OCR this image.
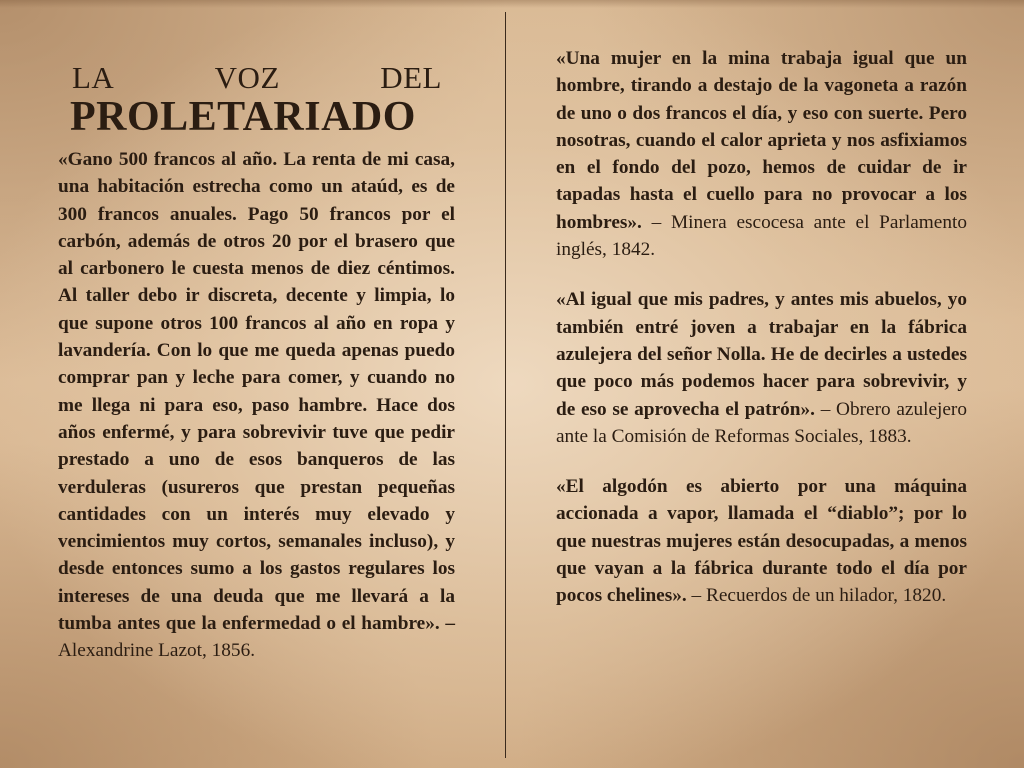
LA	VOZ	DEL
PROLETARIADO

«Gano 500 francos al año. La renta de mi casa, una habitación estrecha como un ataúd, es de 300 francos anuales. Pago 50 francos por el carbón, además de otros 20 por el brasero que al carbonero le cuesta menos de diez céntimos. Al taller debo ir discreta, decente y limpia, lo que supone otros 100 francos al año en ropa y lavandería. Con lo que me queda apenas puedo comprar pan y leche para comer, y cuando no me llega ni para eso, paso hambre. Hace dos años enfermé, y para sobrevivir tuve que pedir prestado a uno de esos banqueros de las verduleras (usureros que prestan pequeñas cantidades con un interés muy elevado y vencimientos muy cortos, semanales incluso), y desde entonces sumo a los gastos regulares los intereses de una deuda que me llevará a la tumba antes que la enfermedad o el hambre». – Alexandrine Lazot, 1856.

«Una mujer en la mina trabaja igual que un hombre, tirando a destajo de la vagoneta a razón de uno o dos francos el día, y eso con suerte. Pero nosotras, cuando el calor aprieta y nos asfixiamos en el fondo del pozo, hemos de cuidar de ir tapadas hasta el cuello para no provocar a los hombres». – Minera escocesa ante el Parlamento inglés, 1842.

«Al igual que mis padres, y antes mis abuelos, yo también entré joven a trabajar en la fábrica azulejera del señor Nolla. He de decirles a ustedes que poco más podemos hacer para sobrevivir, y de eso se aprovecha el patrón». – Obrero azulejero ante la Comisión de Reformas Sociales, 1883.

«El algodón es abierto por una máquina accionada a vapor, llamada el “diablo”; por lo que nuestras mujeres están desocupadas, a menos que vayan a la fábrica durante todo el día por pocos chelines». – Recuerdos de un hilador, 1820.
